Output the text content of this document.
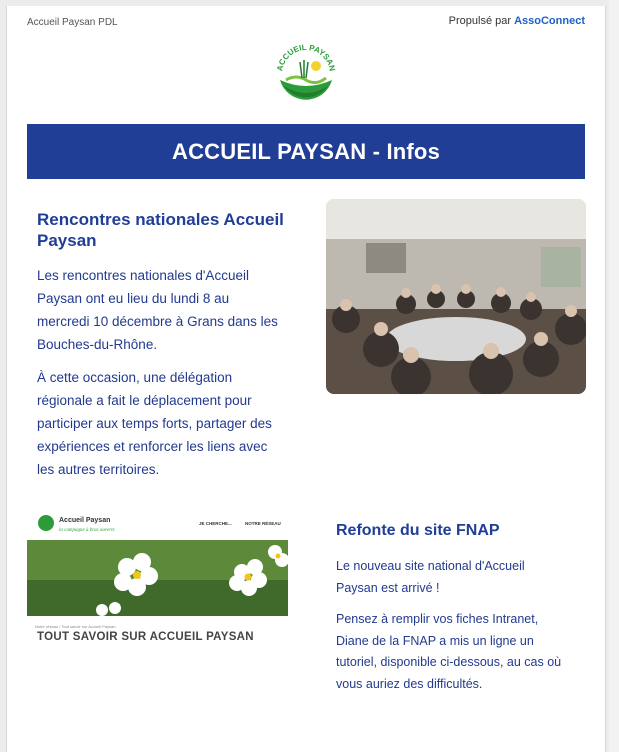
Accueil Paysan PDL	Propulsé par AssoConnect
ACCUEIL PAYSAN
ACCUEIL PAYSAN - Infos
Rencontres nationales Accueil Paysan

Les rencontres nationales d'Accueil Paysan ont eu lieu du lundi 8 au mercredi 10 décembre à Grans dans les Bouches-du-Rhône.

À cette occasion, une délégation régionale a fait le déplacement pour participer aux temps forts, partager des expériences et renforcer les liens avec les autres territoires.

Accueil Paysan
la campagne à bras ouverts
JE CHERCHE...	NOTRE RÉSEAU
Notre réseau / Tout savoir sur Accueil Paysan
TOUT SAVOIR SUR ACCUEIL PAYSAN
Refonte du site FNAP

Le nouveau site national d'Accueil Paysan est arrivé !

Pensez à remplir vos fiches Intranet, Diane de la FNAP a mis un ligne un tutoriel, disponible ci-dessous, au cas où vous auriez des difficultés.
